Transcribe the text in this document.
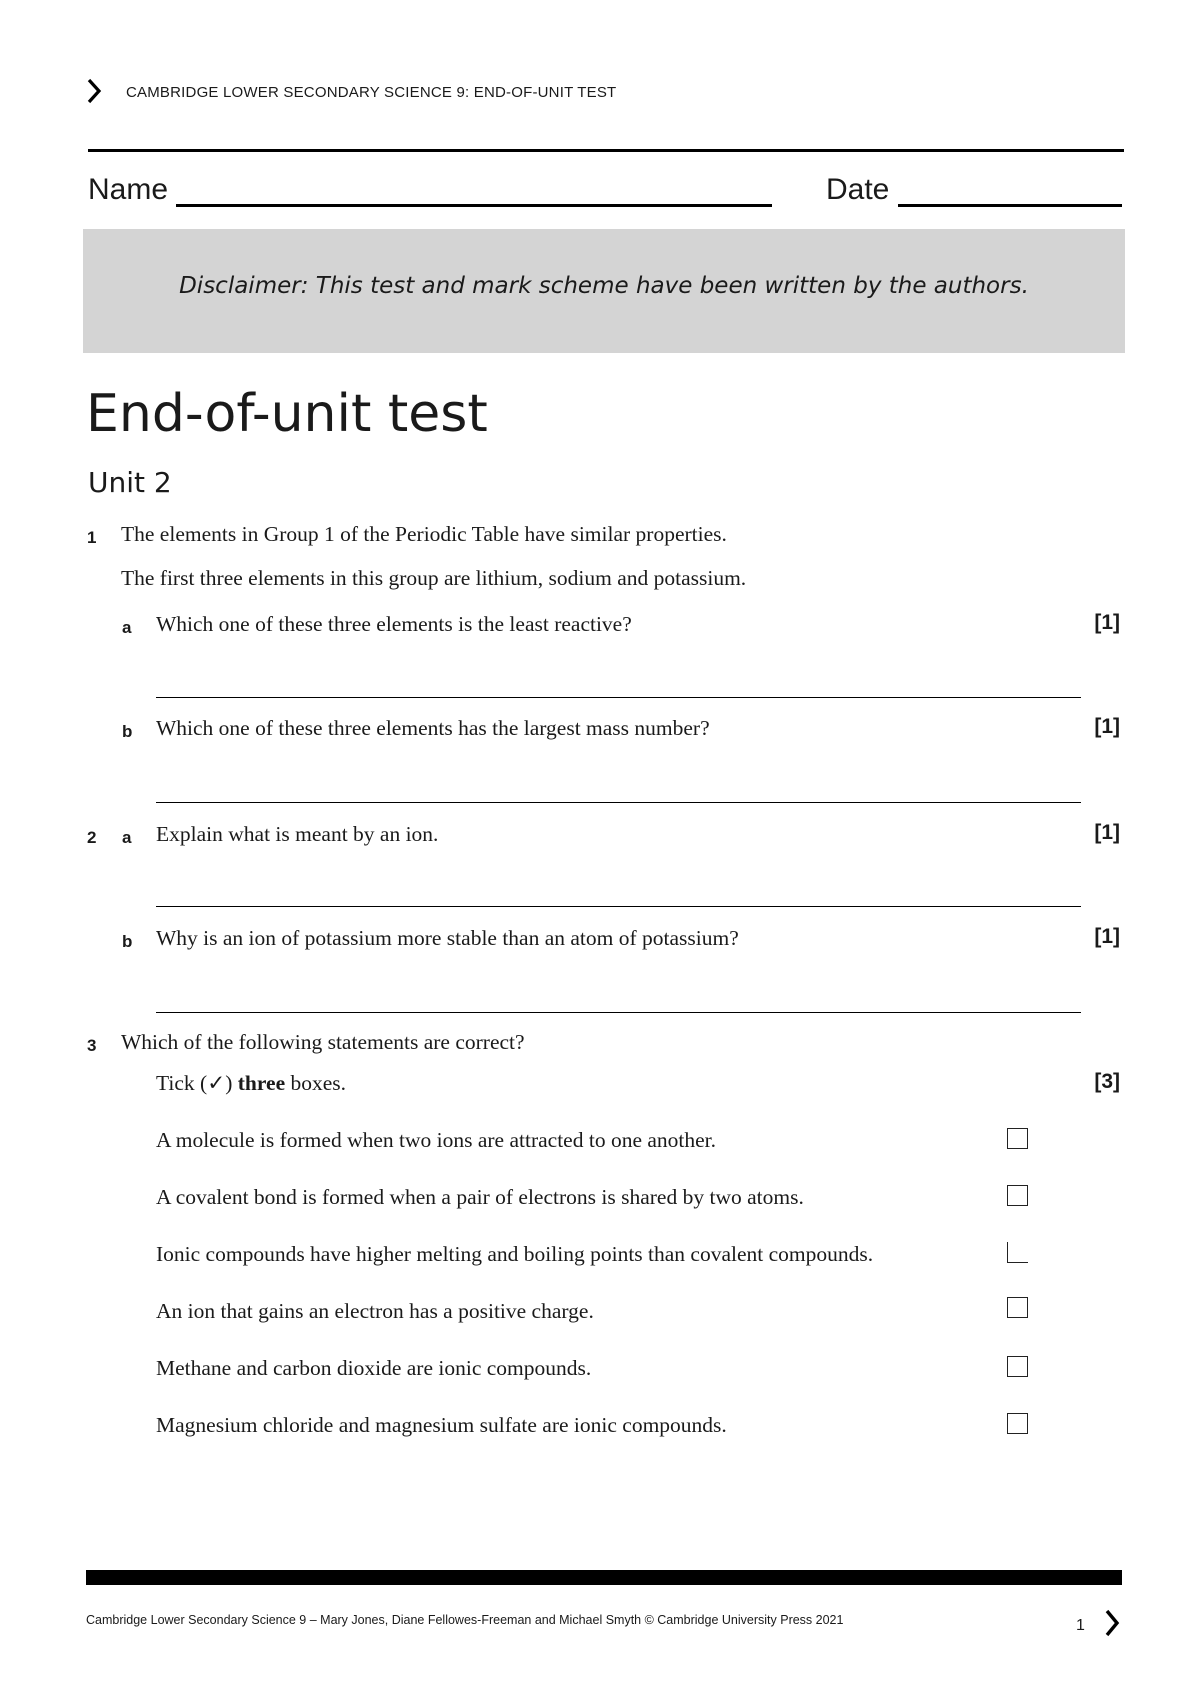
CAMBRIDGE LOWER SECONDARY SCIENCE 9: END-OF-UNIT TEST
Name	Date
Disclaimer: This test and mark scheme have been written by the authors.
End-of-unit test
Unit 2
1 The elements in Group 1 of the Periodic Table have similar properties.
The first three elements in this group are lithium, sodium and potassium.
a Which one of these three elements is the least reactive?	[1]
b Which one of these three elements has the largest mass number?	[1]
2 a Explain what is meant by an ion.	[1]
b Why is an ion of potassium more stable than an atom of potassium?	[1]
3 Which of the following statements are correct?
Tick (✓) three boxes.	[3]
A molecule is formed when two ions are attracted to one another.
A covalent bond is formed when a pair of electrons is shared by two atoms.
Ionic compounds have higher melting and boiling points than covalent compounds.
An ion that gains an electron has a positive charge.
Methane and carbon dioxide are ionic compounds.
Magnesium chloride and magnesium sulfate are ionic compounds.
Cambridge Lower Secondary Science 9 – Mary Jones, Diane Fellowes-Freeman and Michael Smyth © Cambridge University Press 2021	1
